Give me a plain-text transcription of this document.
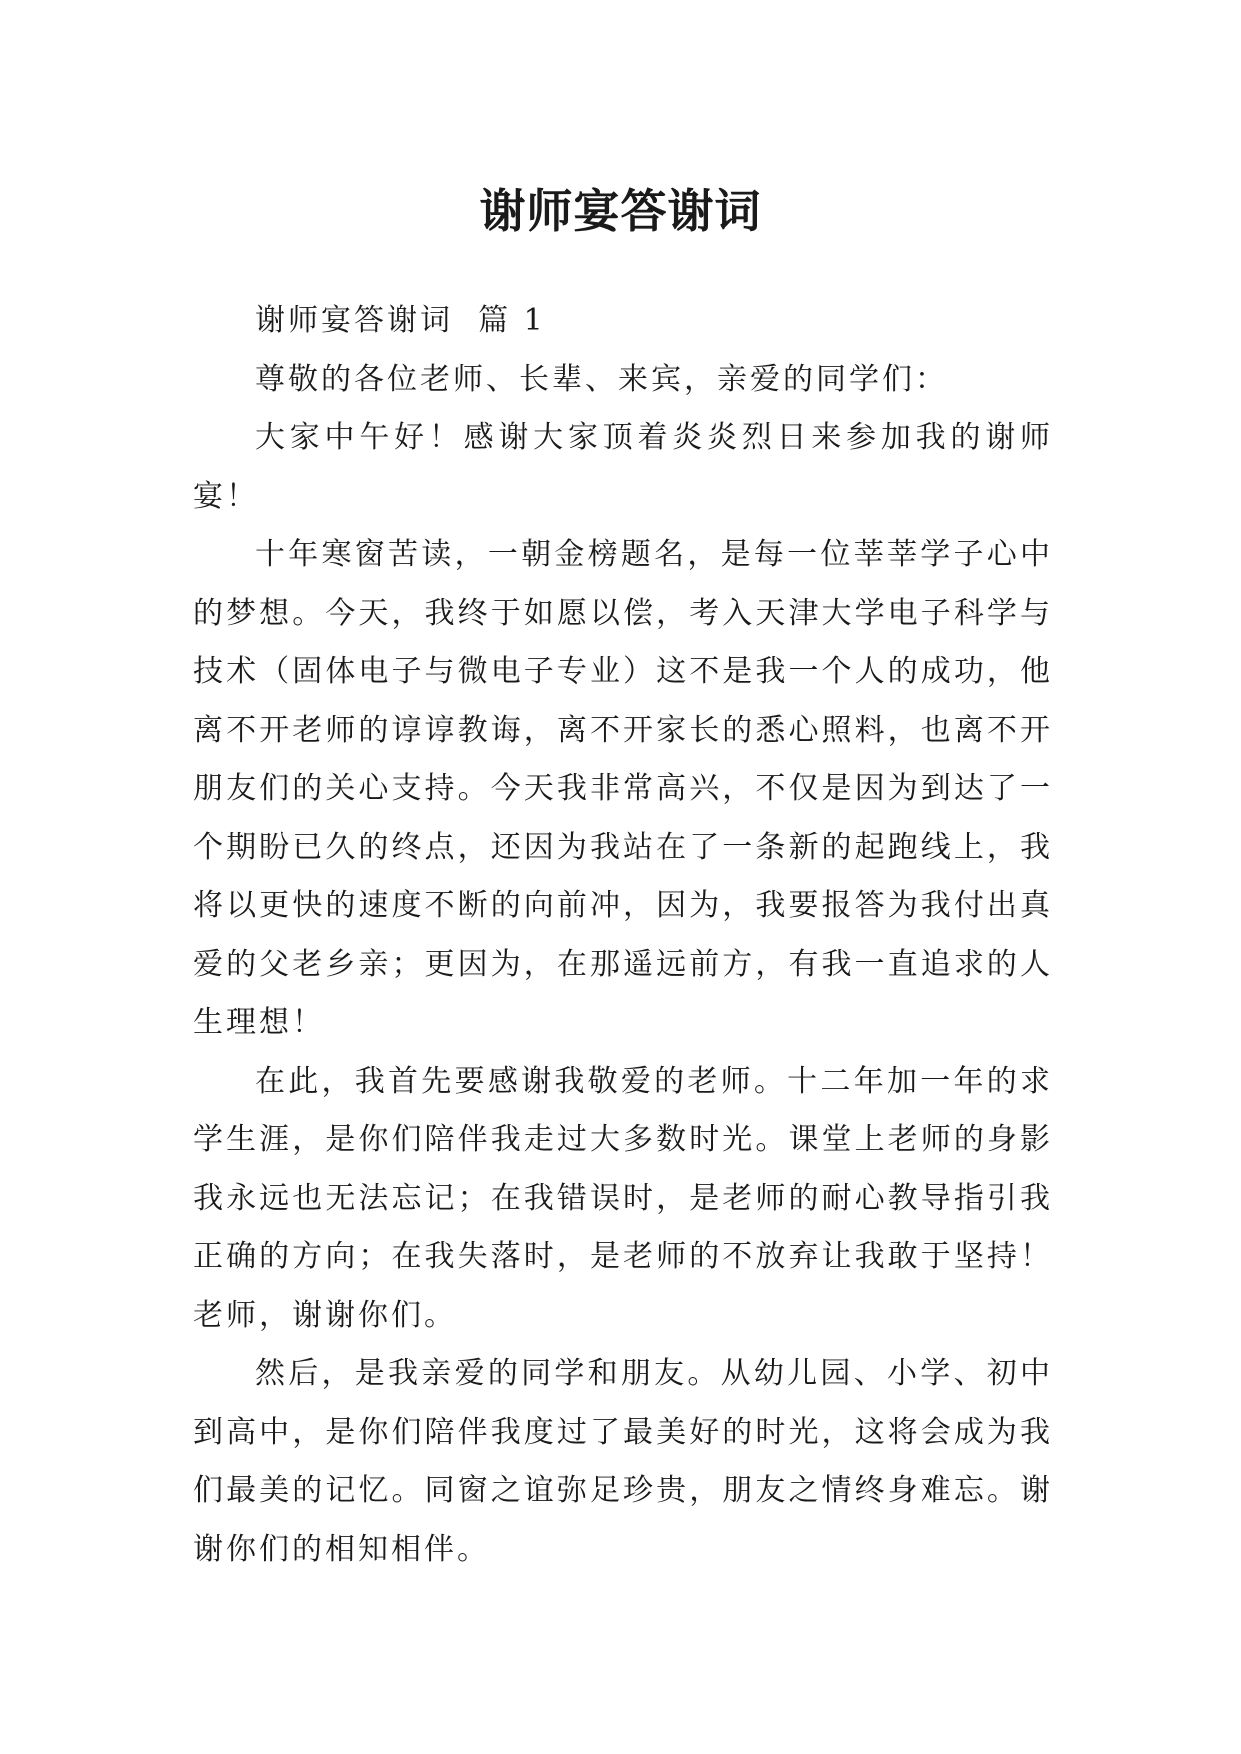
谢师宴答谢词

谢师宴答谢词  篇 1

尊敬的各位老师、长辈、来宾，亲爱的同学们：

大家中午好！感谢大家顶着炎炎烈日来参加我的谢师宴！

十年寒窗苦读，一朝金榜题名，是每一位莘莘学子心中的梦想。今天，我终于如愿以偿，考入天津大学电子科学与技术（固体电子与微电子专业）这不是我一个人的成功，他离不开老师的谆谆教诲，离不开家长的悉心照料，也离不开朋友们的关心支持。今天我非常高兴，不仅是因为到达了一个期盼已久的终点，还因为我站在了一条新的起跑线上，我将以更快的速度不断的向前冲，因为，我要报答为我付出真爱的父老乡亲；更因为，在那遥远前方，有我一直追求的人生理想！

在此，我首先要感谢我敬爱的老师。十二年加一年的求学生涯，是你们陪伴我走过大多数时光。课堂上老师的身影我永远也无法忘记；在我错误时，是老师的耐心教导指引我正确的方向；在我失落时，是老师的不放弃让我敢于坚持！老师，谢谢你们。

然后，是我亲爱的同学和朋友。从幼儿园、小学、初中到高中，是你们陪伴我度过了最美好的时光，这将会成为我们最美的记忆。同窗之谊弥足珍贵，朋友之情终身难忘。谢谢你们的相知相伴。
